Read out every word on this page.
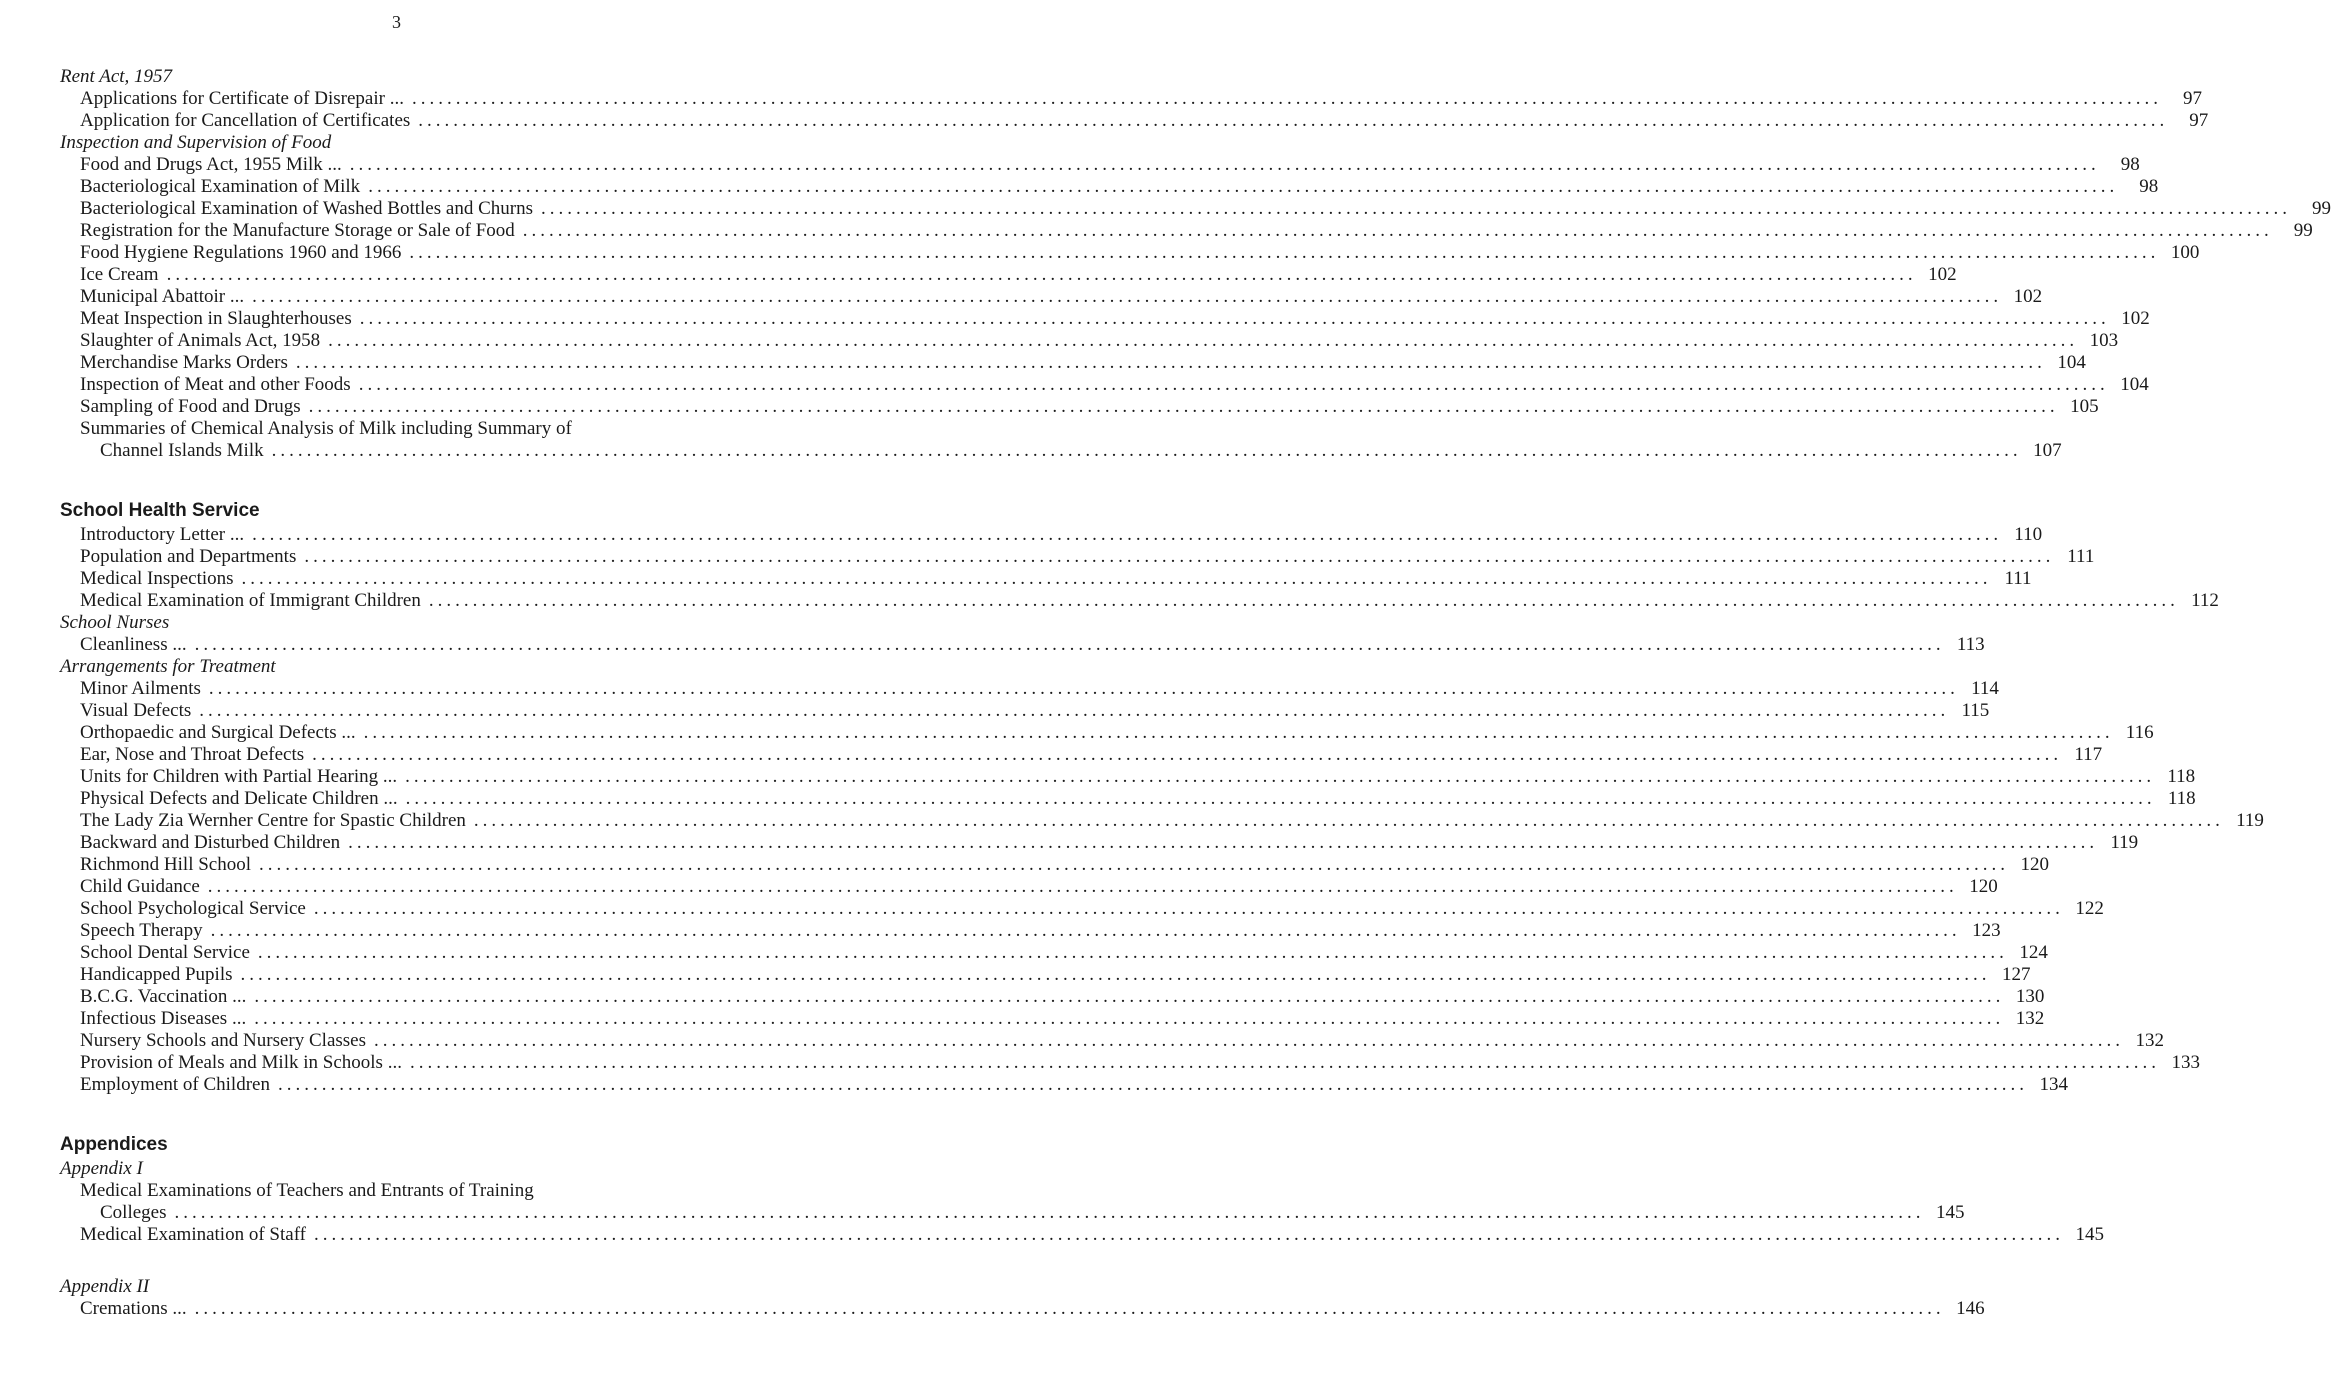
3
Rent Act, 1957
Applications for Certificate of Disrepair ... ........................................................................................................................................................................................................	97
Application for Cancellation of Certificates ........................................................................................................................................................................................................	97
Inspection and Supervision of Food
Food and Drugs Act, 1955 Milk ... ........................................................................................................................................................................................................	98
Bacteriological Examination of Milk ........................................................................................................................................................................................................	98
Bacteriological Examination of Washed Bottles and Churns ........................................................................................................................................................................................................	99
Registration for the Manufacture Storage or Sale of Food ........................................................................................................................................................................................................	99
Food Hygiene Regulations 1960 and 1966 ........................................................................................................................................................................................................ 100
Ice Cream ........................................................................................................................................................................................................ 102
Municipal Abattoir ... ........................................................................................................................................................................................................ 102
Meat Inspection in Slaughterhouses ........................................................................................................................................................................................................ 102
Slaughter of Animals Act, 1958 ........................................................................................................................................................................................................ 103
Merchandise Marks Orders ........................................................................................................................................................................................................ 104
Inspection of Meat and other Foods ........................................................................................................................................................................................................ 104
Sampling of Food and Drugs ........................................................................................................................................................................................................ 105
Summaries of Chemical Analysis of Milk including Summary of
Channel Islands Milk ........................................................................................................................................................................................................ 107
School Health Service
Introductory Letter ... ........................................................................................................................................................................................................ 110
Population and Departments ........................................................................................................................................................................................................ 111
Medical Inspections ........................................................................................................................................................................................................ 111
Medical Examination of Immigrant Children ........................................................................................................................................................................................................ 112
School Nurses
Cleanliness ... ........................................................................................................................................................................................................ 113
Arrangements for Treatment
Minor Ailments ........................................................................................................................................................................................................ 114
Visual Defects ........................................................................................................................................................................................................ 115
Orthopaedic and Surgical Defects ... ........................................................................................................................................................................................................ 116
Ear, Nose and Throat Defects ........................................................................................................................................................................................................ 117
Units for Children with Partial Hearing ... ........................................................................................................................................................................................................ 118
Physical Defects and Delicate Children ... ........................................................................................................................................................................................................ 118
The Lady Zia Wernher Centre for Spastic Children ........................................................................................................................................................................................................ 119
Backward and Disturbed Children ........................................................................................................................................................................................................ 119
Richmond Hill School ........................................................................................................................................................................................................ 120
Child Guidance ........................................................................................................................................................................................................ 120
School Psychological Service ........................................................................................................................................................................................................ 122
Speech Therapy ........................................................................................................................................................................................................ 123
School Dental Service ........................................................................................................................................................................................................ 124
Handicapped Pupils ........................................................................................................................................................................................................ 127
B.C.G. Vaccination ... ........................................................................................................................................................................................................ 130
Infectious Diseases ... ........................................................................................................................................................................................................ 132
Nursery Schools and Nursery Classes ........................................................................................................................................................................................................ 132
Provision of Meals and Milk in Schools ... ........................................................................................................................................................................................................ 133
Employment of Children ........................................................................................................................................................................................................ 134
Appendices
Appendix I
Medical Examinations of Teachers and Entrants of Training
Colleges ........................................................................................................................................................................................................ 145
Medical Examination of Staff ........................................................................................................................................................................................................ 145
Appendix II
Cremations ... ........................................................................................................................................................................................................ 146
